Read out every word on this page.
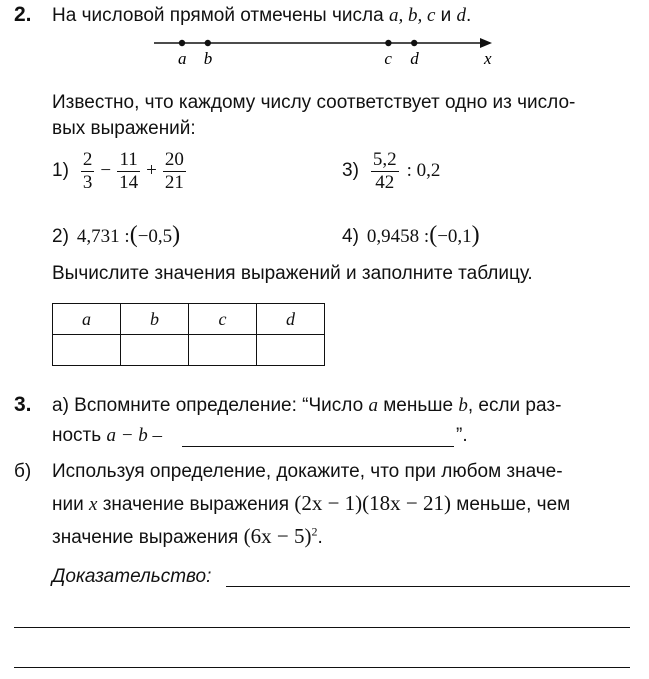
2. На числовой прямой отмечены числа a, b, c и d.
a b	c d	x
Известно, что каждому числу соответствует одно из число-
вых выражений:
$1) \frac{2}{3} - \frac{11}{14} + \frac{20}{21}$	$3) \frac{5,2}{42}$ : 0,2
2) 4,731 :(−0,5)	4) 0,9458 :(−0,1)
Вычислите значения выражений и заполните таблицу.
a	b	c	d

3. а) Вспомните определение: “Число a меньше b, если раз-
ность a − b –	”.
б) Используя определение, докажите, что при любом значе-
нии x значение выражения (2x − 1)(18x − 21) меньше, чем
значение выражения $(6x - 5)^2$.
Доказательство:
